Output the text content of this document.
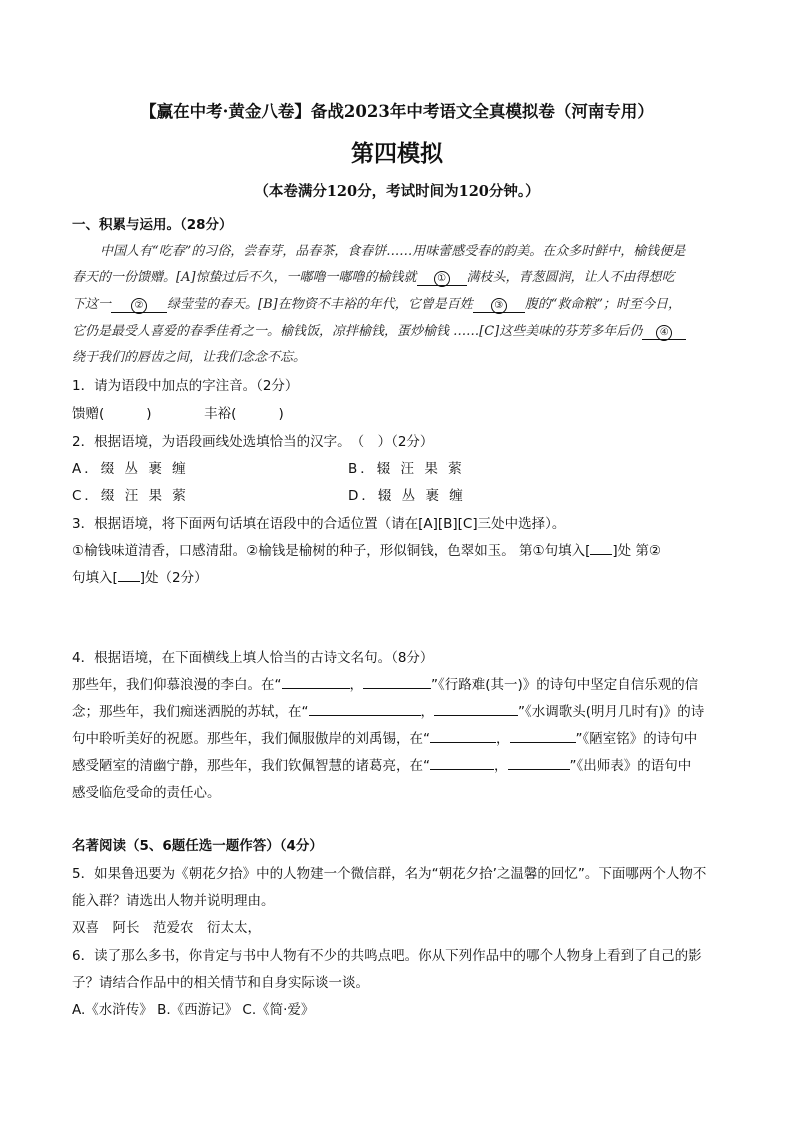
【赢在中考·黄金八卷】备战2023年中考语文全真模拟卷（河南专用）
第四模拟
（本卷满分120分，考试时间为120分钟。）
一、积累与运用。（28分）
中国人有“吃春”的习俗，尝春芽，品春茶，食春饼……用味蕾感受春的韵美。在众多时鲜中，榆钱便是
春天的一份馈赠。[A]惊蛰过后不久，一嘟噜一嘟噜的榆钱就 ① 满枝头，青葱圆润，让人不由得想吃
下这一 ② 绿莹莹的春天。[B]在物资不丰裕的年代，它曾是百姓 ③ 腹的“救命粮”；时至今日，
它仍是最受人喜爱的春季佳肴之一。榆钱饭，凉拌榆钱，蛋炒榆钱 ……[C]这些美味的芬芳多年后仍 ④
绕于我们的唇齿之间，让我们念念不忘。
1．请为语段中加点的字注音。（2分）
馈赠(	)	丰裕(	)
2．根据语境，为语段画线处选填恰当的汉字。　（　）（2分）
A．缀 丛 裹 缠	B．辍 汪 果 萦
C．缀 汪 果 萦	D．辍 丛 裹 缠
3．根据语境，将下面两句话填在语段中的合适位置（请在[A][B][C]三处中选择）。
①榆钱味道清香，口感清甜。②榆钱是榆树的种子，形似铜钱，色翠如玉。 第①句填入[ ]处 第②
句填入[ ]处（2分）
4．根据语境，在下面横线上填人恰当的古诗文名句。（8分）
那些年，我们仰慕浪漫的李白。在“	，	”《行路难(其一)》的诗句中坚定自信乐观的信
念；那些年，我们痴迷洒脱的苏轼，在“	，	”《水调歌头(明月几时有)》的诗
句中聆听美好的祝愿。那些年，我们佩服傲岸的刘禹锡，在“	，	”《陋室铭》的诗句中
感受陋室的清幽宁静，那些年，我们钦佩智慧的诸葛亮，在“	，	”《出师表》的语句中
感受临危受命的责任心。
名著阅读（5、6题任选一题作答）（4分）
5．如果鲁迅要为《朝花夕拾》中的人物建一个微信群，名为“朝花夕拾’之温馨的回忆”。下面哪两个人物不
能入群？请选出人物并说明理由。
双喜　阿长　范爱农　衍太太，
6．读了那么多书，你肯定与书中人物有不少的共鸣点吧。你从下列作品中的哪个人物身上看到了自己的影
子？请结合作品中的相关情节和自身实际谈一谈。
A.《水浒传》 B.《西游记》 C.《简·爱》
